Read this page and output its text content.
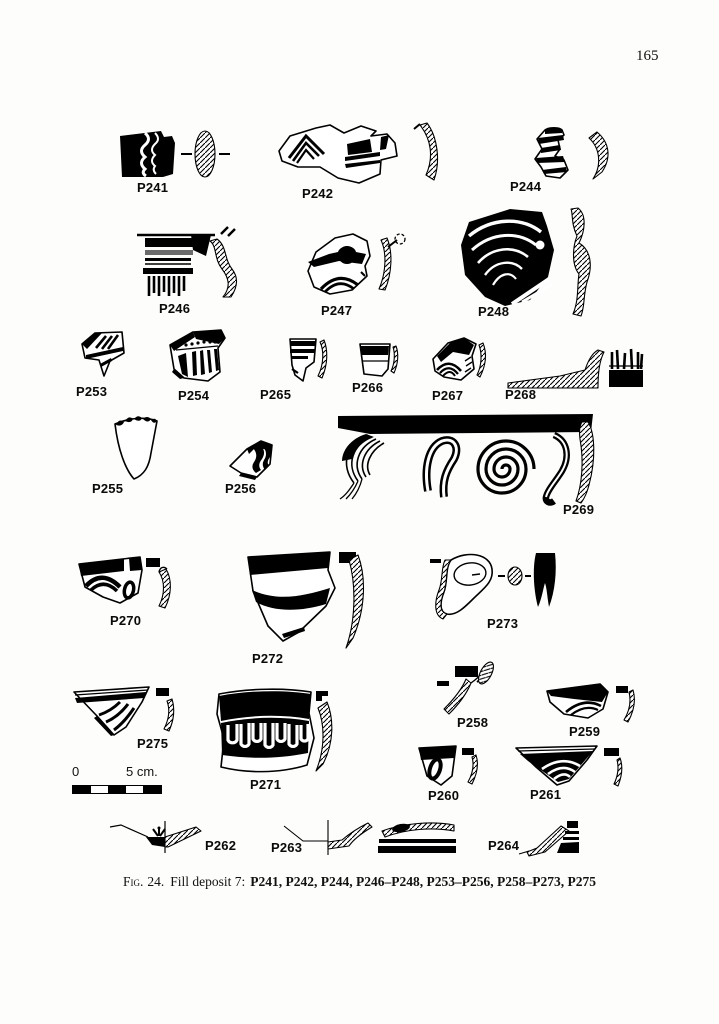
165
P241	P242	P244
P246	P247	P248
P253	P254	P265	P266
P267	P268
P255	P256
P269
P270
P272
P273
P275
P271
P258
P259
P260	P261
0	5 cm.
P262	P263	P264
Fig. 24. Fill deposit 7: P241, P242, P244, P246–P248, P253–P256, P258–P273, P275
